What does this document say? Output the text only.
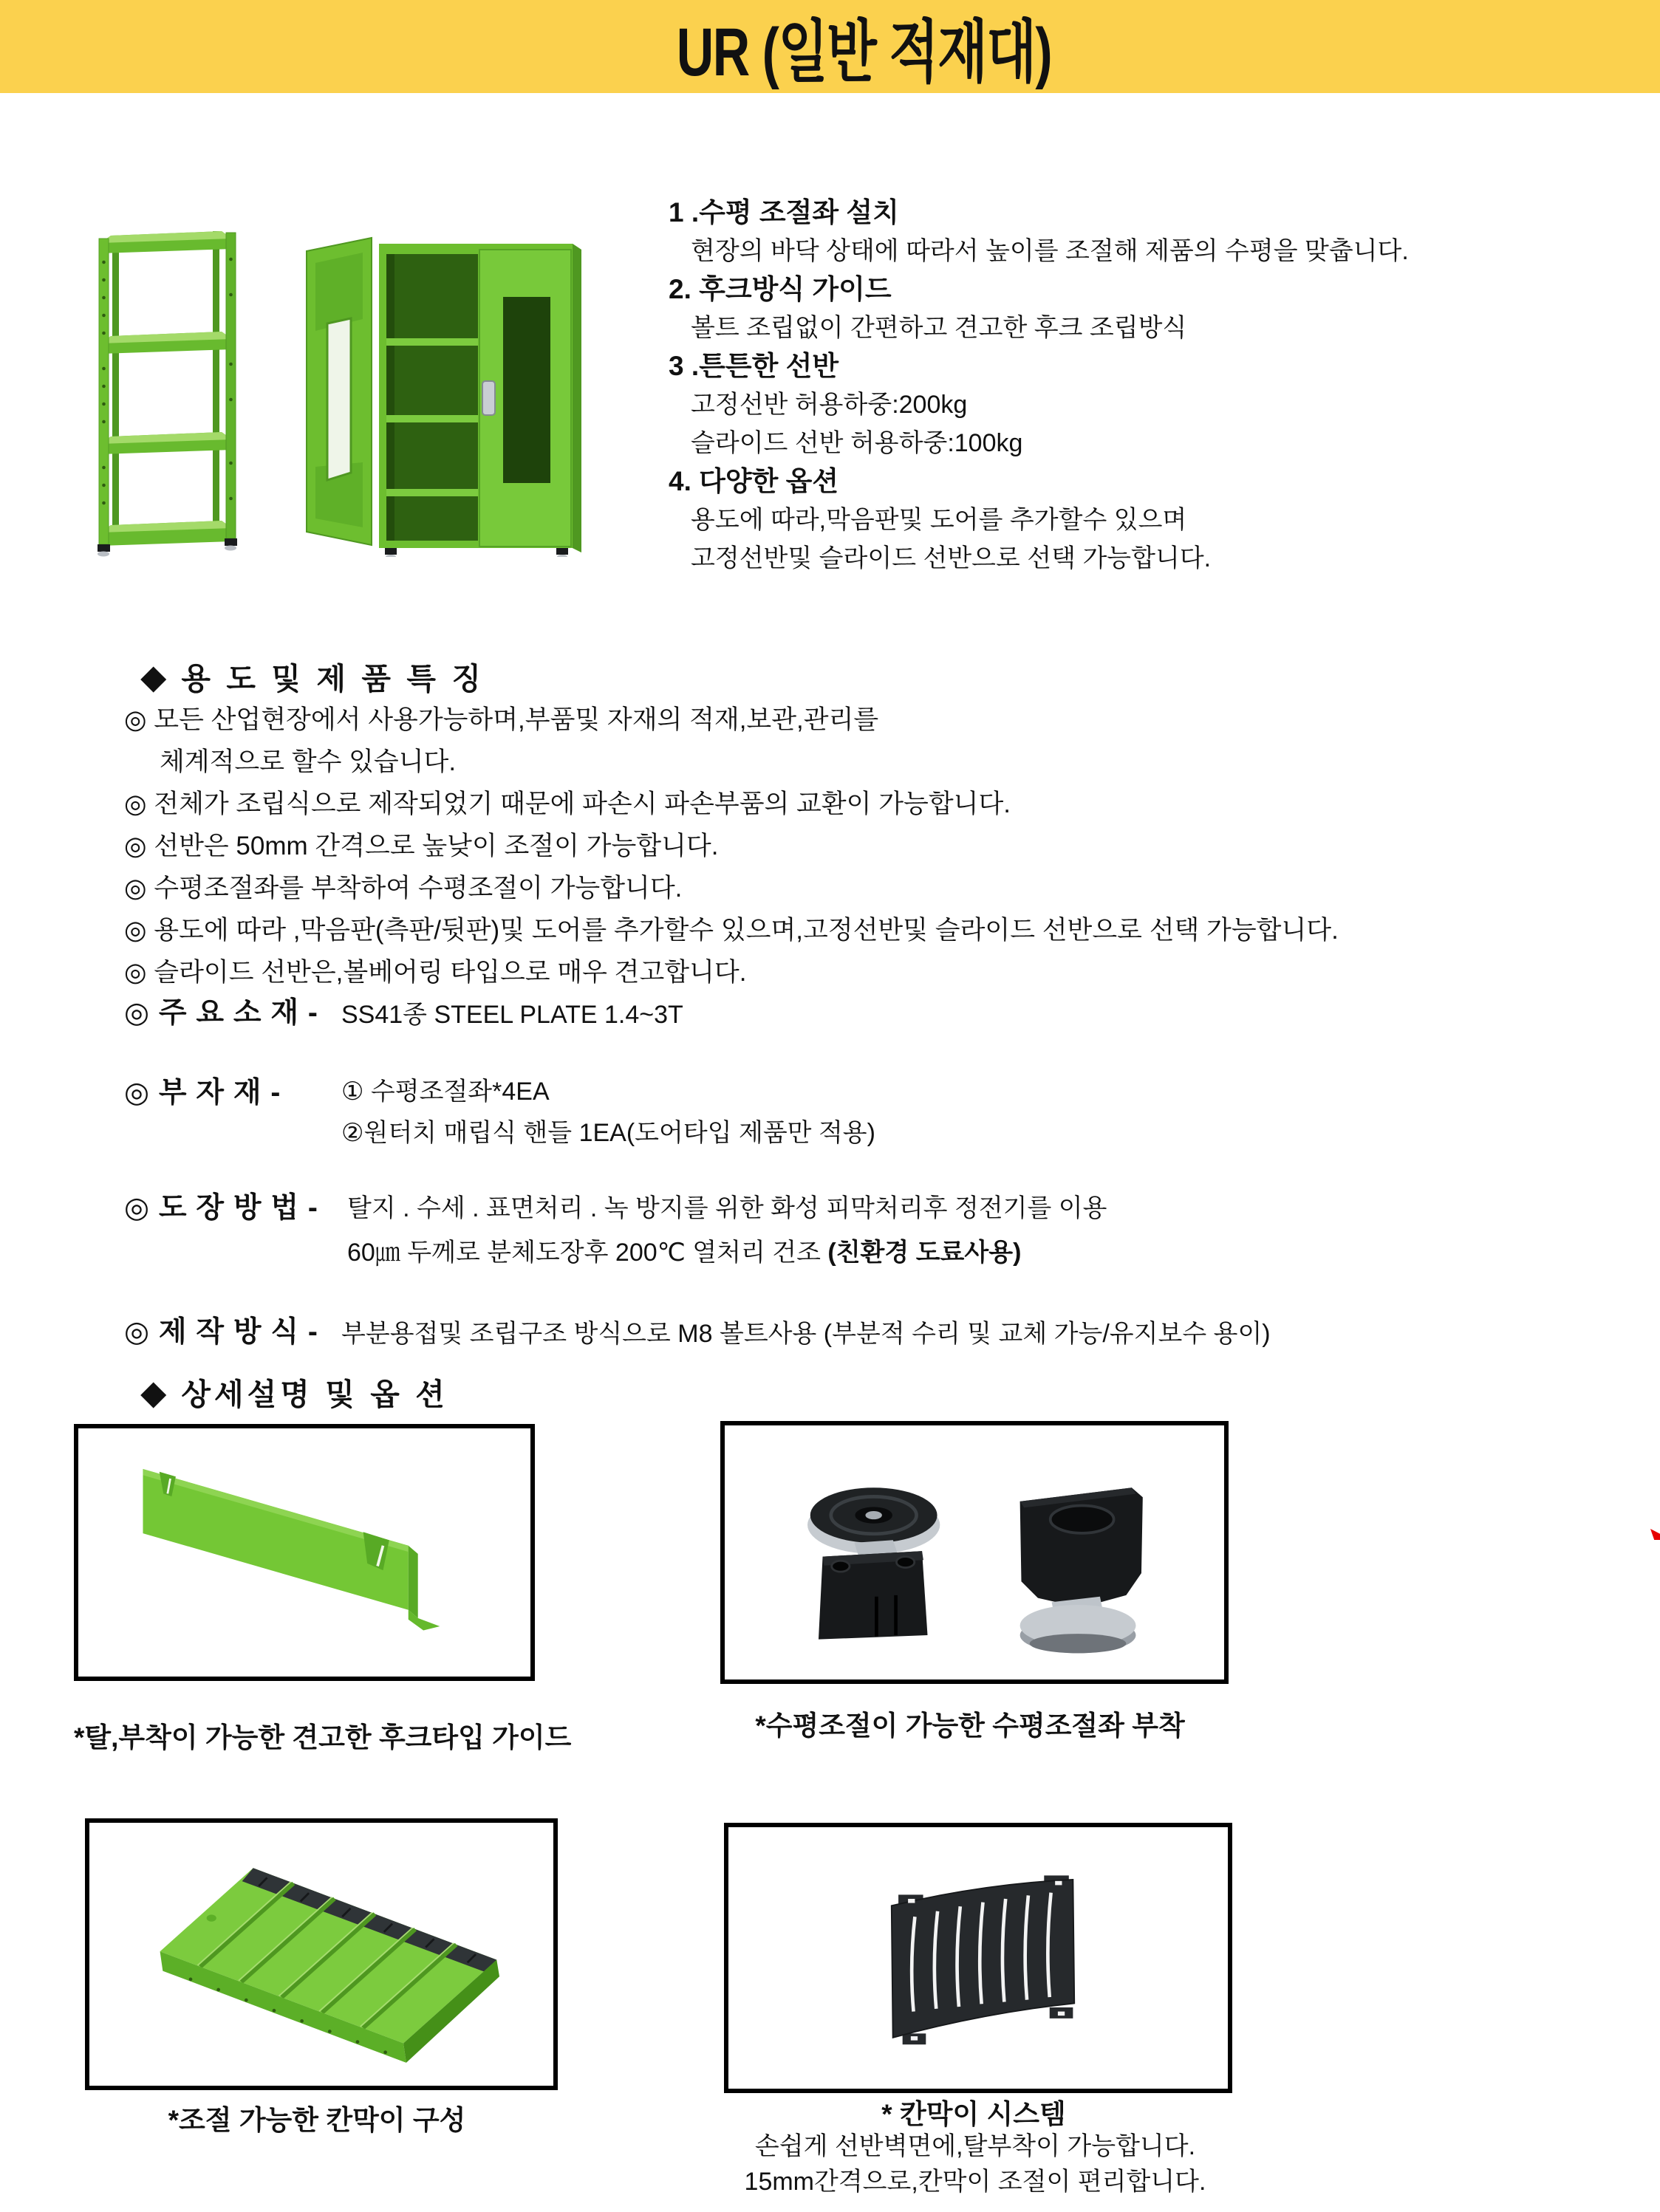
UR (일반 적재대)
1 .수평 조절좌 설치
현장의 바닥 상태에 따라서 높이를 조절해 제품의 수평을 맞춥니다.
2. 후크방식 가이드
볼트 조립없이 간편하고 견고한 후크 조립방식
3 .튼튼한 선반
고정선반 허용하중:200kg
슬라이드 선반 허용하중:100kg
4. 다양한 옵션
용도에 따라,막음판및 도어를 추가할수 있으며
고정선반및 슬라이드 선반으로 선택 가능합니다.
◆ 용 도 및 제 품 특 징
◎ 모든 산업현장에서 사용가능하며,부품및 자재의 적재,보관,관리를
체계적으로 할수 있습니다.
◎ 전체가 조립식으로 제작되었기 때문에 파손시 파손부품의 교환이 가능합니다.
◎ 선반은 50mm 간격으로 높낮이 조절이 가능합니다.
◎ 수평조절좌를 부착하여 수평조절이 가능합니다.
◎ 용도에 따라 ,막음판(측판/뒷판)및 도어를 추가할수 있으며,고정선반및 슬라이드 선반으로 선택 가능합니다.
◎ 슬라이드 선반은,볼베어링 타입으로 매우 견고합니다.
◎ 주 요 소 재 - SS41종 STEEL PLATE 1.4~3T
◎ 부 자 재 - ① 수평조절좌*4EA
②원터치 매립식 핸들 1EA(도어타입 제품만 적용)
◎ 도 장 방 법 - 탈지 . 수세 . 표면처리 . 녹 방지를 위한 화성 피막처리후 정전기를 이용
60㎛ 두께로 분체도장후 200℃ 열처리 건조 (친환경 도료사용)
◎ 제 작 방 식 - 부분용접및 조립구조 방식으로 M8 볼트사용 (부분적 수리 및 교체 가능/유지보수 용이)
◆ 상세설명 및 옵 션
*탈,부착이 가능한 견고한 후크타입 가이드	*수평조절이 가능한 수평조절좌 부착
*조절 가능한 칸막이 구성	* 칸막이 시스템
손쉽게 선반벽면에,탈부착이 가능합니다.
15mm간격으로,칸막이 조절이 편리합니다.
